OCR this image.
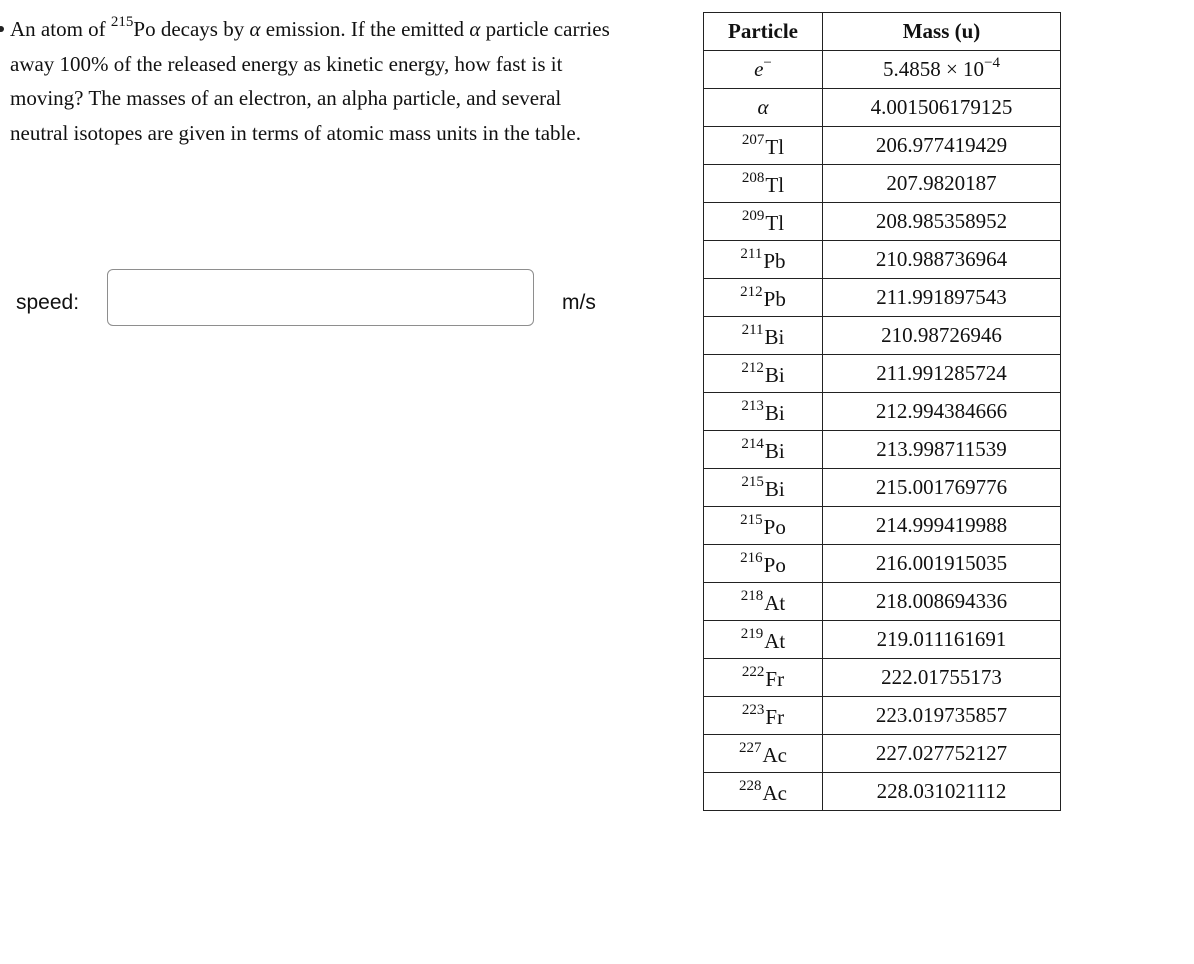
An atom of $^{215}$Po decays by α emission. If the emitted α particle carries away 100% of the released energy as kinetic energy, how fast is it moving? The masses of an electron, an alpha particle, and several neutral isotopes are given in terms of atomic mass units in the table.
speed:	m/s
Particle	Mass (u)
e−	$5.4858 \times 10^{-4}$
α	4.001506179125
$^{207}$Tl	206.977419429
$^{208}$Tl	207.9820187
$^{209}$Tl	208.985358952
$^{211}$Pb	210.988736964
$^{212}$Pb	211.991897543
$^{211}$Bi	210.98726946
$^{212}$Bi	211.991285724
$^{213}$Bi	212.994384666
$^{214}$Bi	213.998711539
$^{215}$Bi	215.001769776
$^{215}$Po	214.999419988
$^{216}$Po	216.001915035
$^{218}$At	218.008694336
$^{219}$At	219.011161691
$^{222}$Fr	222.01755173
$^{223}$Fr	223.019735857
$^{227}$Ac	227.027752127
$^{228}$Ac	228.031021112
